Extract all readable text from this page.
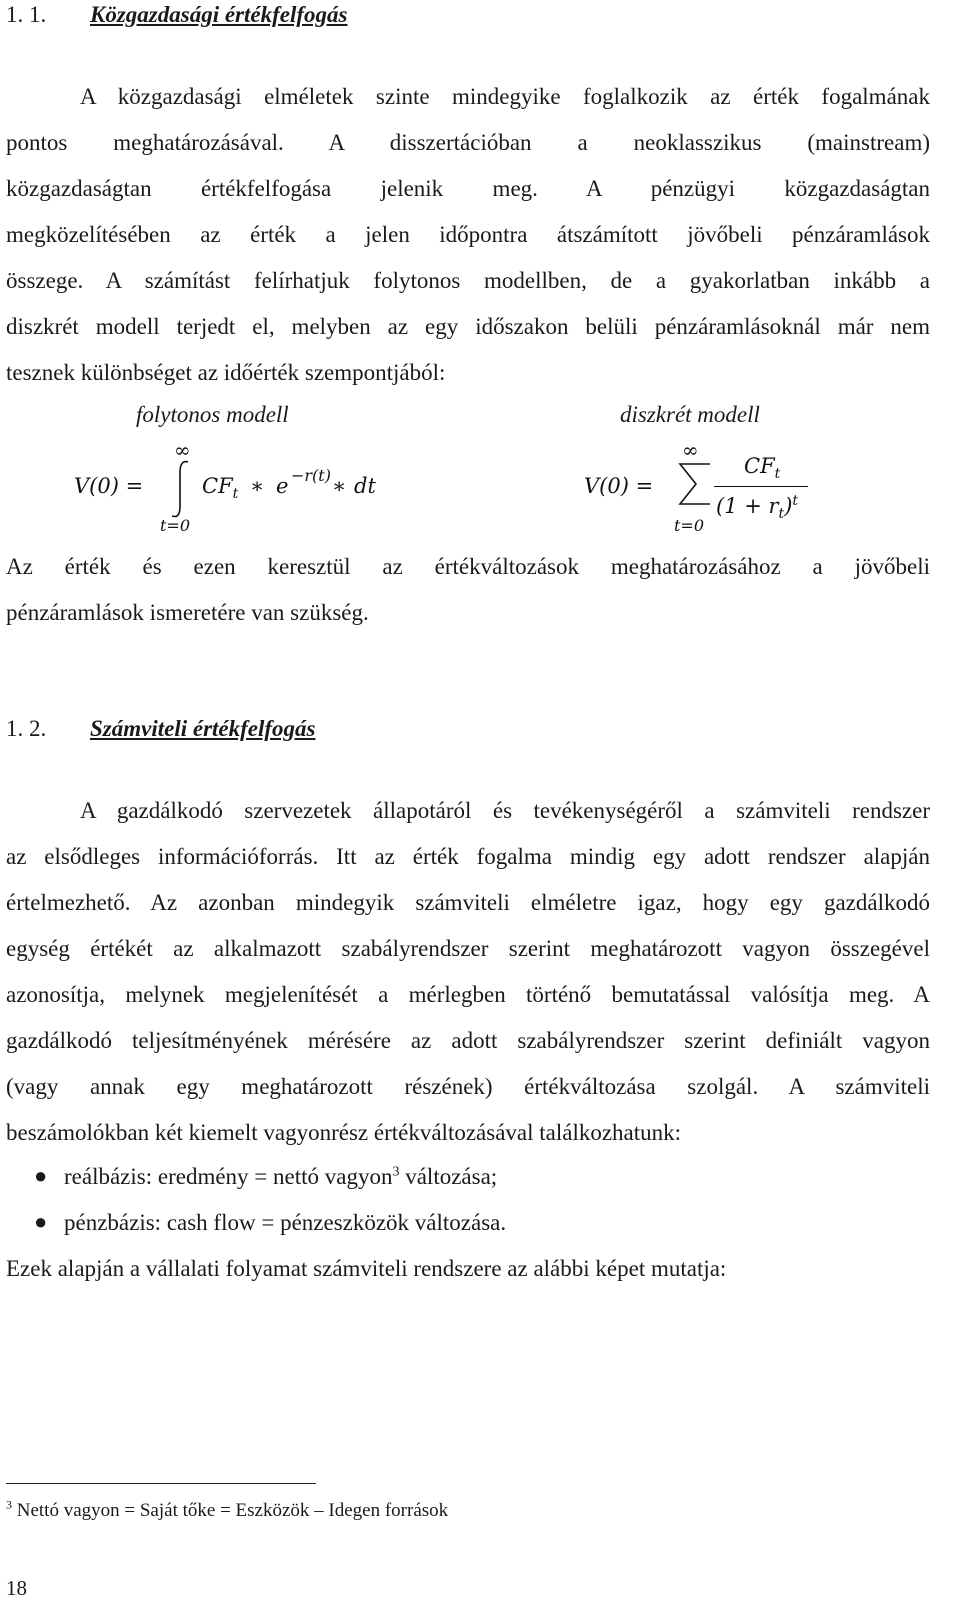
1. 1. Közgazdasági értékfelfogás
A közgazdasági elméletek szinte mindegyike foglalkozik az érték fogalmának
pontos meghatározásával. A disszertációban a neoklasszikus (mainstream)
közgazdaságtan értékfelfogása jelenik meg. A pénzügyi közgazdaságtan
megközelítésében az érték a jelen időpontra átszámított jövőbeli pénzáramlások
összege. A számítást felírhatjuk folytonos modellben, de a gyakorlatban inkább a
diszkrét modell terjedt el, melyben az egy időszakon belüli pénzáramlásoknál már nem
tesznek különbséget az időérték szempontjából:
folytonos modell	diszkrét modell
V(0) =
∞
t=0
$CF_t$ ∗ e −r(t) ∗ dt	V(0) =
∞
t=0
$CF_t$
$(1 + r_t)^t$
Az érték és ezen keresztül az értékváltozások meghatározásához a jövőbeli
pénzáramlások ismeretére van szükség.
1. 2. Számviteli értékfelfogás
A gazdálkodó szervezetek állapotáról és tevékenységéről a számviteli rendszer
az elsődleges információforrás. Itt az érték fogalma mindig egy adott rendszer alapján
értelmezhető. Az azonban mindegyik számviteli elméletre igaz, hogy egy gazdálkodó
egység értékét az alkalmazott szabályrendszer szerint meghatározott vagyon összegével
azonosítja, melynek megjelenítését a mérlegben történő bemutatással valósítja meg. A
gazdálkodó teljesítményének mérésére az adott szabályrendszer szerint definiált vagyon
(vagy annak egy meghatározott részének) értékváltozása szolgál. A számviteli
beszámolókban két kiemelt vagyonrész értékváltozásával találkozhatunk:
● reálbázis: eredmény = nettó vagyon$^3$ változása;
● pénzbázis: cash flow = pénzeszközök változása.
Ezek alapján a vállalati folyamat számviteli rendszere az alábbi képet mutatja:
$^3$ Nettó vagyon = Saját tőke = Eszközök – Idegen források
18
